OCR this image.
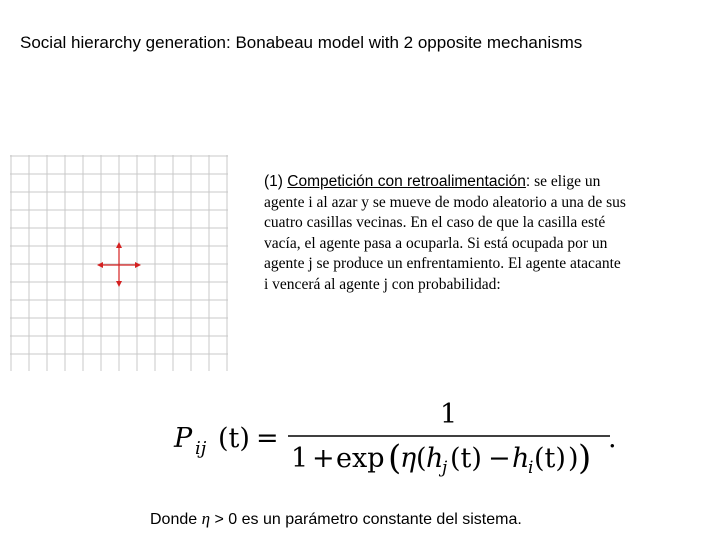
Social hierarchy generation: Bonabeau model with 2 opposite mechanisms
(1) Competición con retroalimentación: se elige un agente i al azar y se mueve de modo aleatorio a una de sus cuatro casillas vecinas. En el caso de que la casilla esté vacía, el agente pasa a ocuparla. Si está ocupada por un agente j se produce un enfrentamiento. El agente atacante i vencerá al agente j con probabilidad:
P ij (t) =
1
1 + exp (
η ( h
j (t) − h
i (t) ) ) .
Donde η > 0 es un parámetro constante del sistema.
